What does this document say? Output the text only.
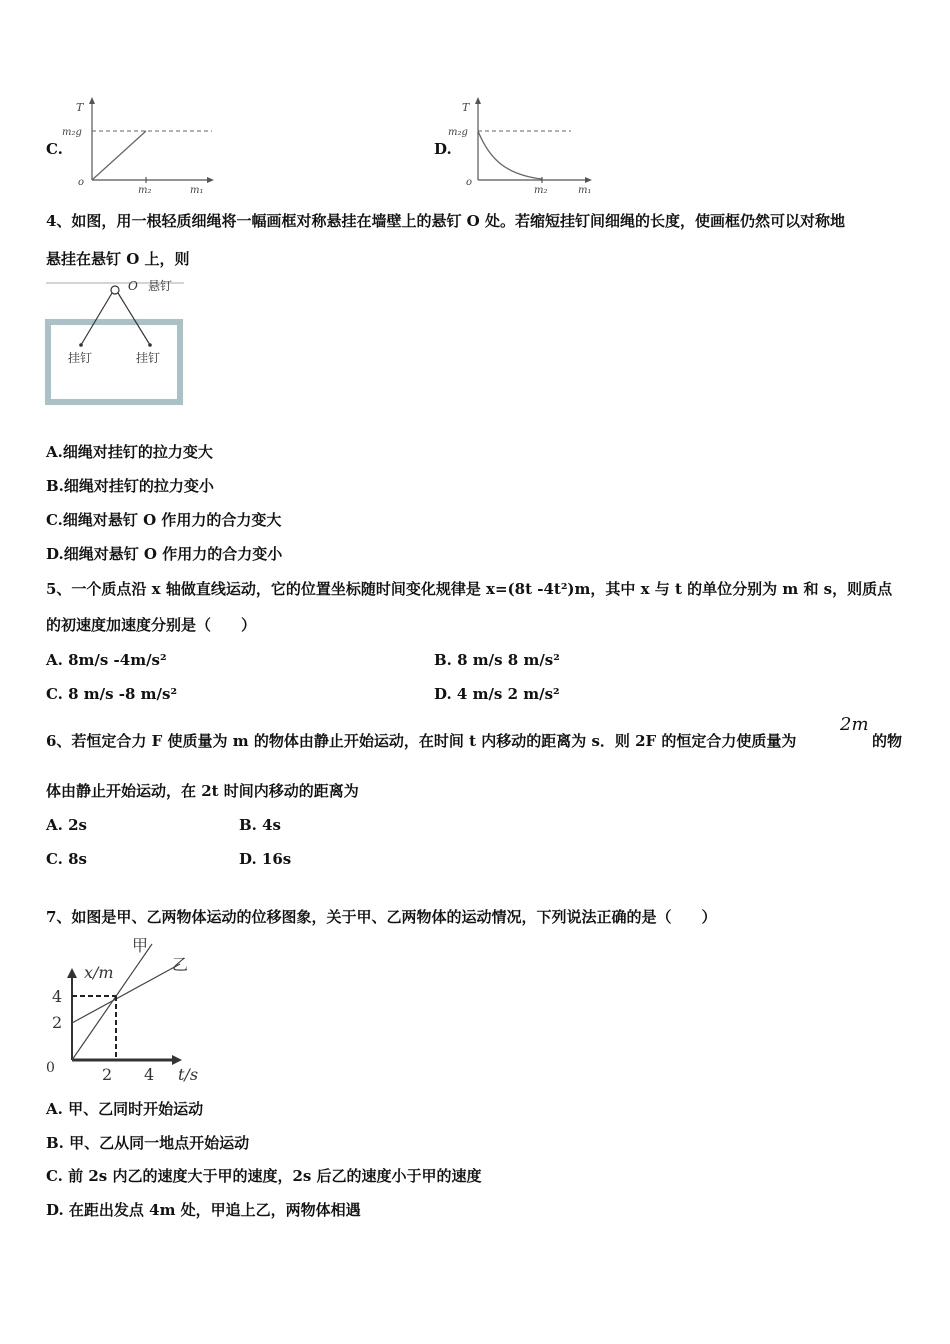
C.
T
m₂g
o
m₂	m₁
D.
T
m₂g
o
m₂	m₁
4、如图，用一根轻质细绳将一幅画框对称悬挂在墙壁上的悬钉 O 处。若缩短挂钉间细绳的长度，使画框仍然可以对称地
悬挂在悬钉 O 上，则
O 悬钉
挂钉	挂钉
A.细绳对挂钉的拉力变大
B.细绳对挂钉的拉力变小
C.细绳对悬钉 O 作用力的合力变大
D.细绳对悬钉 O 作用力的合力变小
5、一个质点沿 x 轴做直线运动，它的位置坐标随时间变化规律是 x=(8t -4t²)m，其中 x 与 t 的单位分别为 m 和 s，则质点
的初速度加速度分别是（　　）
A. 8m/s -4m/s²	B. 8 m/s 8 m/s²
C. 8 m/s -8 m/s²	D. 4 m/s 2 m/s²
6、若恒定合力 F 使质量为 m 的物体由静止开始运动，在时间 t 内移动的距离为 s．则 2F 的恒定合力使质量为
2m
的物
体由静止开始运动，在 2t 时间内移动的距离为
A. 2s	B. 4s
C. 8s	D. 16s
7、如图是甲、乙两物体运动的位移图象，关于甲、乙两物体的运动情况，下列说法正确的是（　　）
甲
乙
x/m
4
2
0	2 4 t/s
A. 甲、乙同时开始运动
B. 甲、乙从同一地点开始运动
C. 前 2s 内乙的速度大于甲的速度，2s 后乙的速度小于甲的速度
D. 在距出发点 4m 处，甲追上乙，两物体相遇
